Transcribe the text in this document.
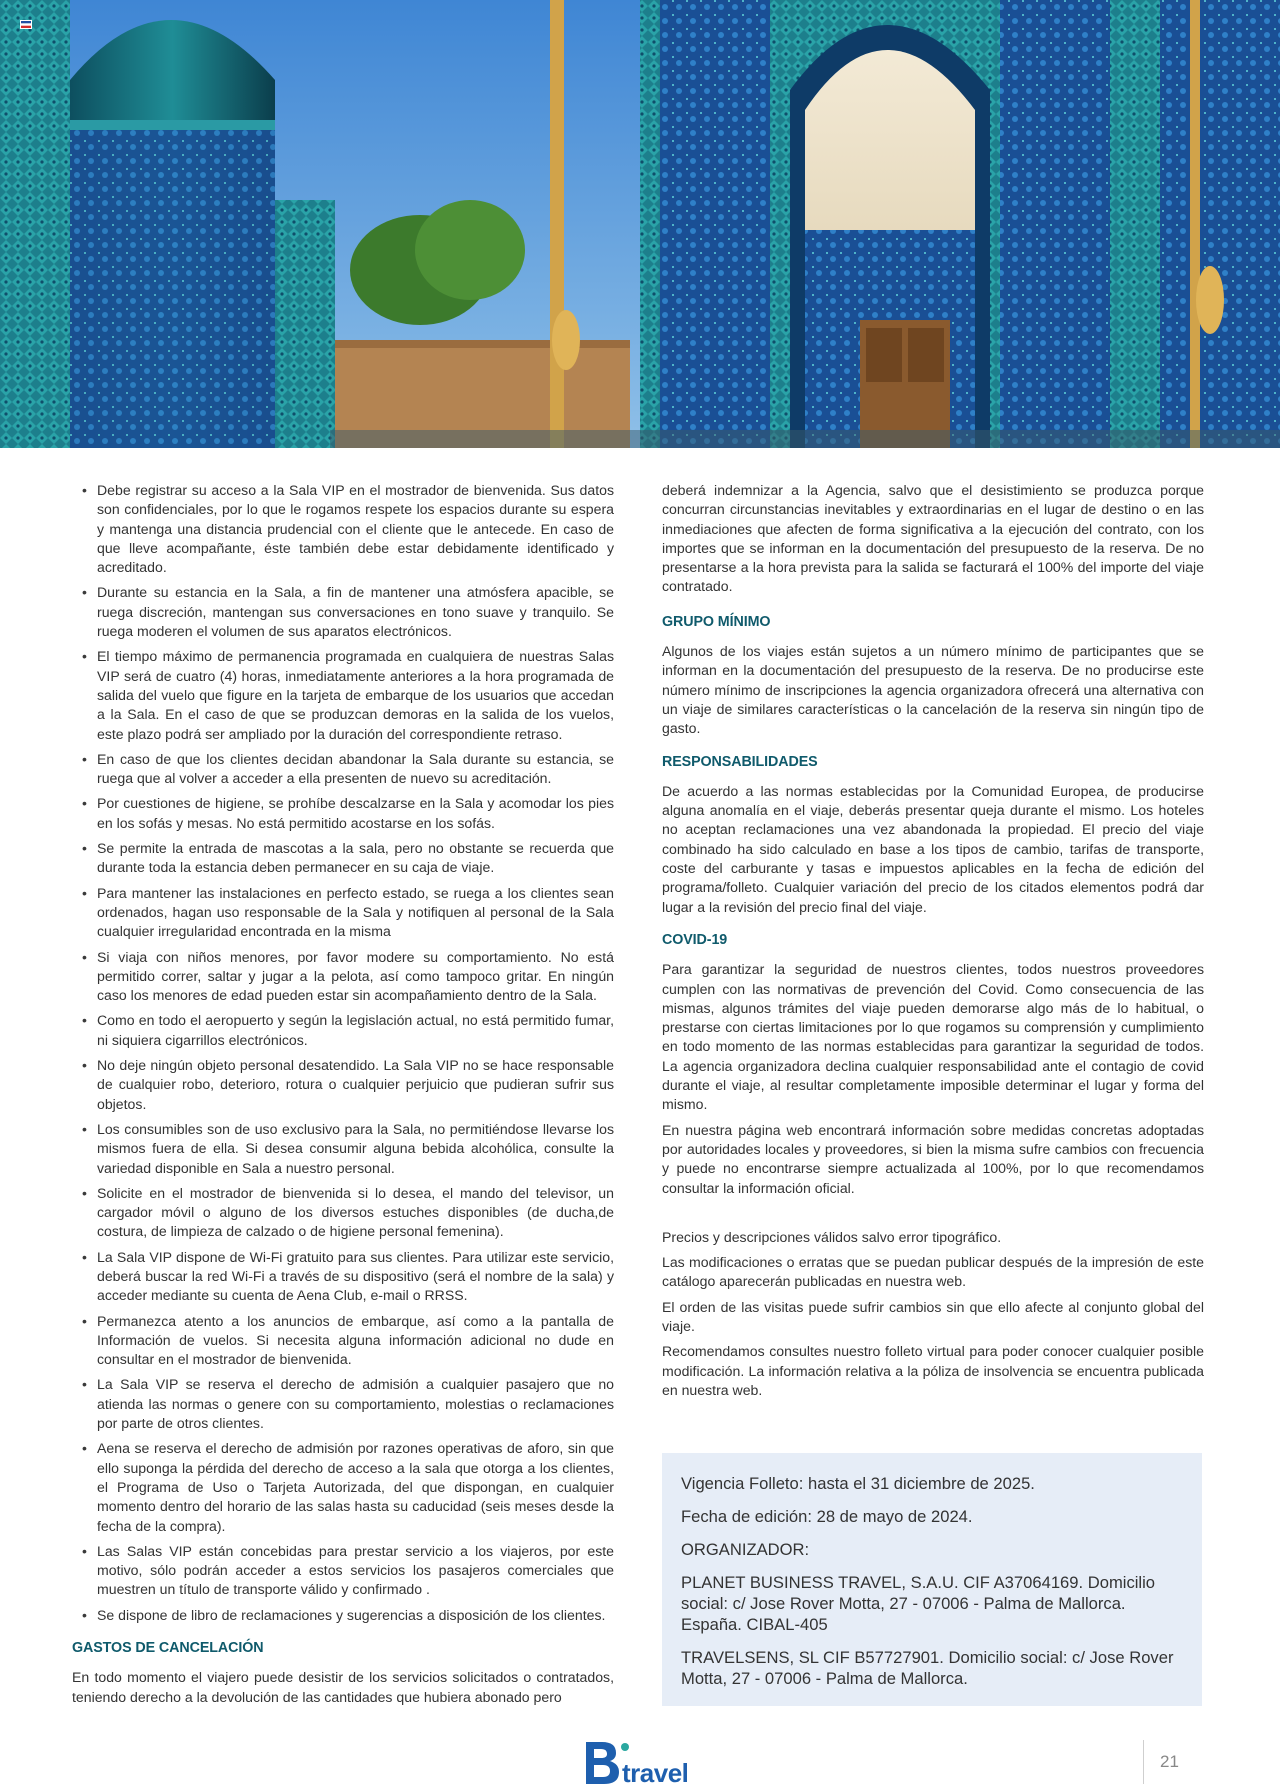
• Debe registrar su acceso a la Sala VIP en el mostrador de bienvenida. Sus datos son confidenciales, por lo que le rogamos respete los espacios durante su espera y mantenga una distancia prudencial con el cliente que le antecede. En caso de que lleve acompañante, éste también debe estar debidamente identificado y acreditado.
• Durante su estancia en la Sala, a fin de mantener una atmósfera apacible, se ruega discreción, mantengan sus conversaciones en tono suave y tranquilo. Se ruega moderen el volumen de sus aparatos electrónicos.
• El tiempo máximo de permanencia programada en cualquiera de nuestras Salas VIP será de cuatro (4) horas, inmediatamente anteriores a la hora programada de salida del vuelo que figure en la tarjeta de embarque de los usuarios que accedan a la Sala. En el caso de que se produzcan demoras en la salida de los vuelos, este plazo podrá ser ampliado por la duración del correspondiente retraso.
• En caso de que los clientes decidan abandonar la Sala durante su estancia, se ruega que al volver a acceder a ella presenten de nuevo su acreditación.
• Por cuestiones de higiene, se prohíbe descalzarse en la Sala y acomodar los pies en los sofás y mesas. No está permitido acostarse en los sofás.
• Se permite la entrada de mascotas a la sala, pero no obstante se recuerda que durante toda la estancia deben permanecer en su caja de viaje.
• Para mantener las instalaciones en perfecto estado, se ruega a los clientes sean ordenados, hagan uso responsable de la Sala y notifiquen al personal de la Sala cualquier irregularidad encontrada en la misma
• Si viaja con niños menores, por favor modere su comportamiento. No está permitido correr, saltar y jugar a la pelota, así como tampoco gritar. En ningún caso los menores de edad pueden estar sin acompañamiento dentro de la Sala.
• Como en todo el aeropuerto y según la legislación actual, no está permitido fumar, ni siquiera cigarrillos electrónicos.
• No deje ningún objeto personal desatendido. La Sala VIP no se hace responsable de cualquier robo, deterioro, rotura o cualquier perjuicio que pudieran sufrir sus objetos.
• Los consumibles son de uso exclusivo para la Sala, no permitiéndose llevarse los mismos fuera de ella. Si desea consumir alguna bebida alcohólica, consulte la variedad disponible en Sala a nuestro personal.
• Solicite en el mostrador de bienvenida si lo desea, el mando del televisor, un cargador móvil o alguno de los diversos estuches disponibles (de ducha,de costura, de limpieza de calzado o de higiene personal femenina).
• La Sala VIP dispone de Wi-Fi gratuito para sus clientes. Para utilizar este servicio, deberá buscar la red Wi-Fi a través de su dispositivo (será el nombre de la sala) y acceder mediante su cuenta de Aena Club, e-mail o RRSS.
• Permanezca atento a los anuncios de embarque, así como a la pantalla de Información de vuelos. Si necesita alguna información adicional no dude en consultar en el mostrador de bienvenida.
• La Sala VIP se reserva el derecho de admisión a cualquier pasajero que no atienda las normas o genere con su comportamiento, molestias o reclamaciones por parte de otros clientes.
• Aena se reserva el derecho de admisión por razones operativas de aforo, sin que ello suponga la pérdida del derecho de acceso a la sala que otorga a los clientes, el Programa de Uso o Tarjeta Autorizada, del que dispongan, en cualquier momento dentro del horario de las salas hasta su caducidad (seis meses desde la fecha de la compra).
• Las Salas VIP están concebidas para prestar servicio a los viajeros, por este motivo, sólo podrán acceder a estos servicios los pasajeros comerciales que muestren un título de transporte válido y confirmado .
• Se dispone de libro de reclamaciones y sugerencias a disposición de los clientes.
GASTOS DE CANCELACIÓN

En todo momento el viajero puede desistir de los servicios solicitados o contratados, teniendo derecho a la devolución de las cantidades que hubiera abonado pero

deberá indemnizar a la Agencia, salvo que el desistimiento se produzca porque concurran circunstancias inevitables y extraordinarias en el lugar de destino o en las inmediaciones que afecten de forma significativa a la ejecución del contrato, con los importes que se informan en la documentación del presupuesto de la reserva. De no presentarse a la hora prevista para la salida se facturará el 100% del importe del viaje contratado.

GRUPO MÍNIMO

Algunos de los viajes están sujetos a un número mínimo de participantes que se informan en la documentación del presupuesto de la reserva. De no producirse este número mínimo de inscripciones la agencia organizadora ofrecerá una alternativa con un viaje de similares características o la cancelación de la reserva sin ningún tipo de gasto.

RESPONSABILIDADES

De acuerdo a las normas establecidas por la Comunidad Europea, de producirse alguna anomalía en el viaje, deberás presentar queja durante el mismo. Los hoteles no aceptan reclamaciones una vez abandonada la propiedad. El precio del viaje combinado ha sido calculado en base a los tipos de cambio, tarifas de transporte, coste del carburante y tasas e impuestos aplicables en la fecha de edición del programa/folleto. Cualquier variación del precio de los citados elementos podrá dar lugar a la revisión del precio final del viaje.

COVID-19

Para garantizar la seguridad de nuestros clientes, todos nuestros proveedores cumplen con las normativas de prevención del Covid. Como consecuencia de las mismas, algunos trámites del viaje pueden demorarse algo más de lo habitual, o prestarse con ciertas limitaciones por lo que rogamos su comprensión y cumplimiento en todo momento de las normas establecidas para garantizar la seguridad de todos. La agencia organizadora declina cualquier responsabilidad ante el contagio de covid durante el viaje, al resultar completamente imposible determinar el lugar y forma del mismo.

En nuestra página web encontrará información sobre medidas concretas adoptadas por autoridades locales y proveedores, si bien la misma sufre cambios con frecuencia y puede no encontrarse siempre actualizada al 100%, por lo que recomendamos consultar la información oficial.

Precios y descripciones válidos salvo error tipográfico.

Las modificaciones o erratas que se puedan publicar después de la impresión de este catálogo aparecerán publicadas en nuestra web.

El orden de las visitas puede sufrir cambios sin que ello afecte al conjunto global del viaje.

Recomendamos consultes nuestro folleto virtual para poder conocer cualquier posible modificación. La información relativa a la póliza de insolvencia se encuentra publicada en nuestra web.

Vigencia Folleto: hasta el 31 diciembre de 2025.

Fecha de edición: 28 de mayo de 2024.

ORGANIZADOR:

PLANET BUSINESS TRAVEL, S.A.U. CIF A37064169. Domicilio social: c/ Jose Rover Motta, 27 - 07006 - Palma de Mallorca. España. CIBAL-405

TRAVELSENS, SL CIF B57727901. Domicilio social: c/ Jose Rover Motta, 27 - 07006 - Palma de Mallorca.

travel	21
